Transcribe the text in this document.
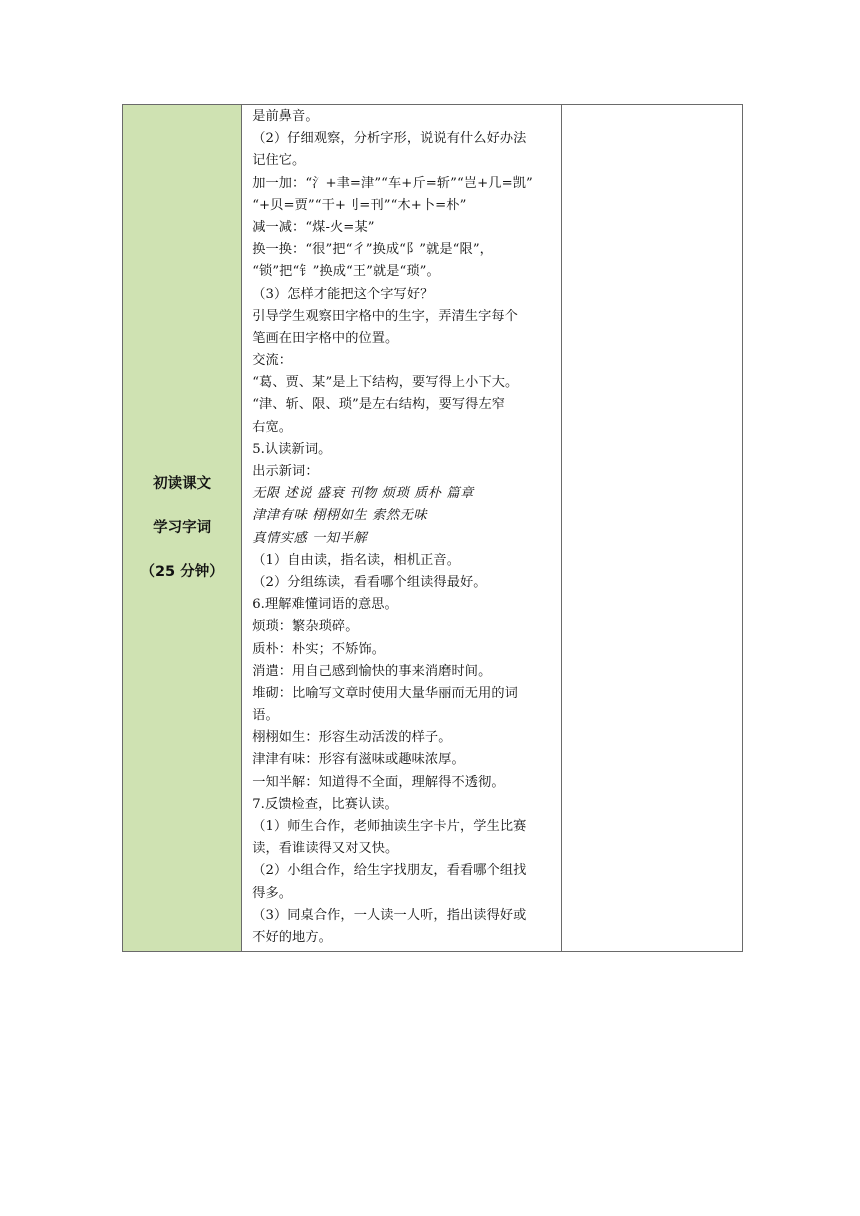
初读课文
学习字词
（25 分钟）

是前鼻音。
（2）仔细观察，分析字形，说说有什么好办法
记住它。
加一加：“氵+聿=津”“车+斤=斩”“岂+几=凯”
“+贝=贾”“干+刂=刊”“木+卜=朴”
减一减：“煤-火=某”
换一换：“很”把“彳”换成“阝”就是“限”，
“锁”把“钅”换成“王”就是“琐”。
（3）怎样才能把这个字写好？
引导学生观察田字格中的生字，弄清生字每个
笔画在田字格中的位置。
交流：
“葛、贾、某”是上下结构，要写得上小下大。
“津、斩、限、琐”是左右结构，要写得左窄
右宽。
5.认读新词。
出示新词：
无限 述说 盛衰 刊物 烦琐 质朴 篇章
津津有味 栩栩如生 索然无味
真情实感 一知半解
（1）自由读，指名读，相机正音。
（2）分组练读，看看哪个组读得最好。
6.理解难懂词语的意思。
烦琐：繁杂琐碎。
质朴：朴实；不矫饰。
消遣：用自己感到愉快的事来消磨时间。
堆砌：比喻写文章时使用大量华丽而无用的词
语。
栩栩如生：形容生动活泼的样子。
津津有味：形容有滋味或趣味浓厚。
一知半解：知道得不全面，理解得不透彻。
7.反馈检查，比赛认读。
（1）师生合作，老师抽读生字卡片，学生比赛
读，看谁读得又对又快。
（2）小组合作，给生字找朋友，看看哪个组找
得多。
（3）同桌合作，一人读一人听，指出读得好或
不好的地方。
